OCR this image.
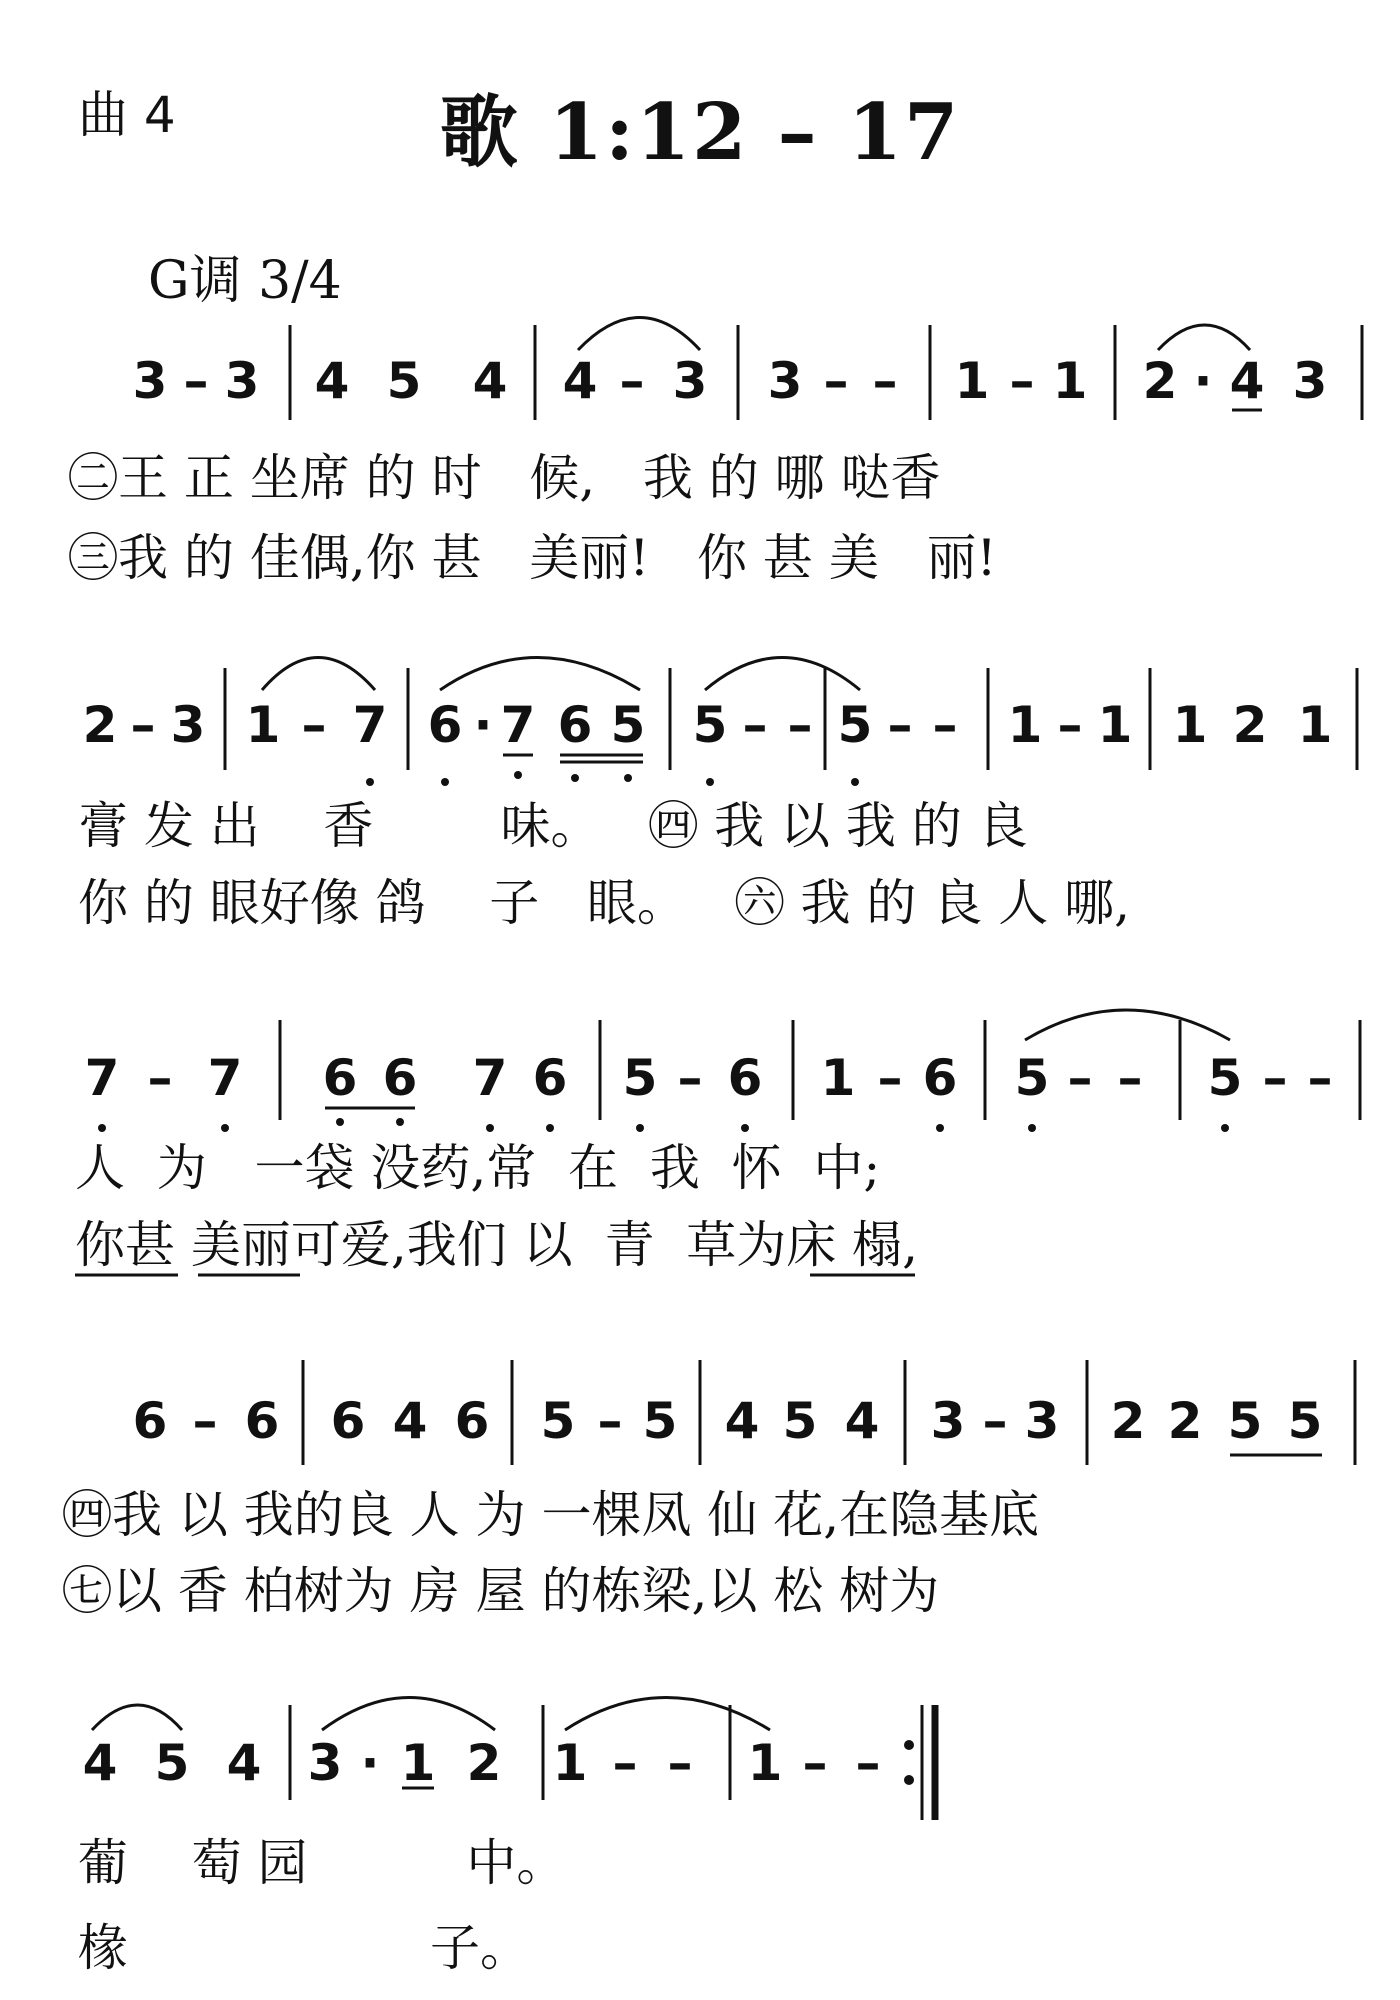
曲 4	歌 1:12 – 17
G调 3/4
3 – 3 4 5 4 4 – 3 3 – – 1 – 1 2 · 4 3
2 – 3 1 – 7 6 · 7 6 5 5 – – 5 – – 1 – 1 1 2 1
7 – 7 6 6 7 6 5 – 6 1 – 6 5 – – 5 – –
6 – 6 6 4 6 5 – 5 4 5 4 3 – 3 2 2 5 5
4 5 4 3 · 1 2 1 – – 1 – –
㊁王 正 坐席 的 时   候,   我 的 哪 哒香
㊂我 的 佳偶,你 甚   美丽!   你 甚 美   丽!
膏 发 出    香        味。   ㊃ 我 以 我 的 良
你 的 眼好像 鸽    子   眼。   ㊅ 我 的 良 人 哪,
人  为   一袋 没药,常  在  我  怀  中;
你甚 美丽可爱,我们 以  青  草为床 榻,
㊃我 以 我的良 人 为 一棵凤 仙 花,在隐基底
㊆以 香 柏树为 房 屋 的栋梁,以 松 树为
葡    萄 园          中。
椽                   子。
